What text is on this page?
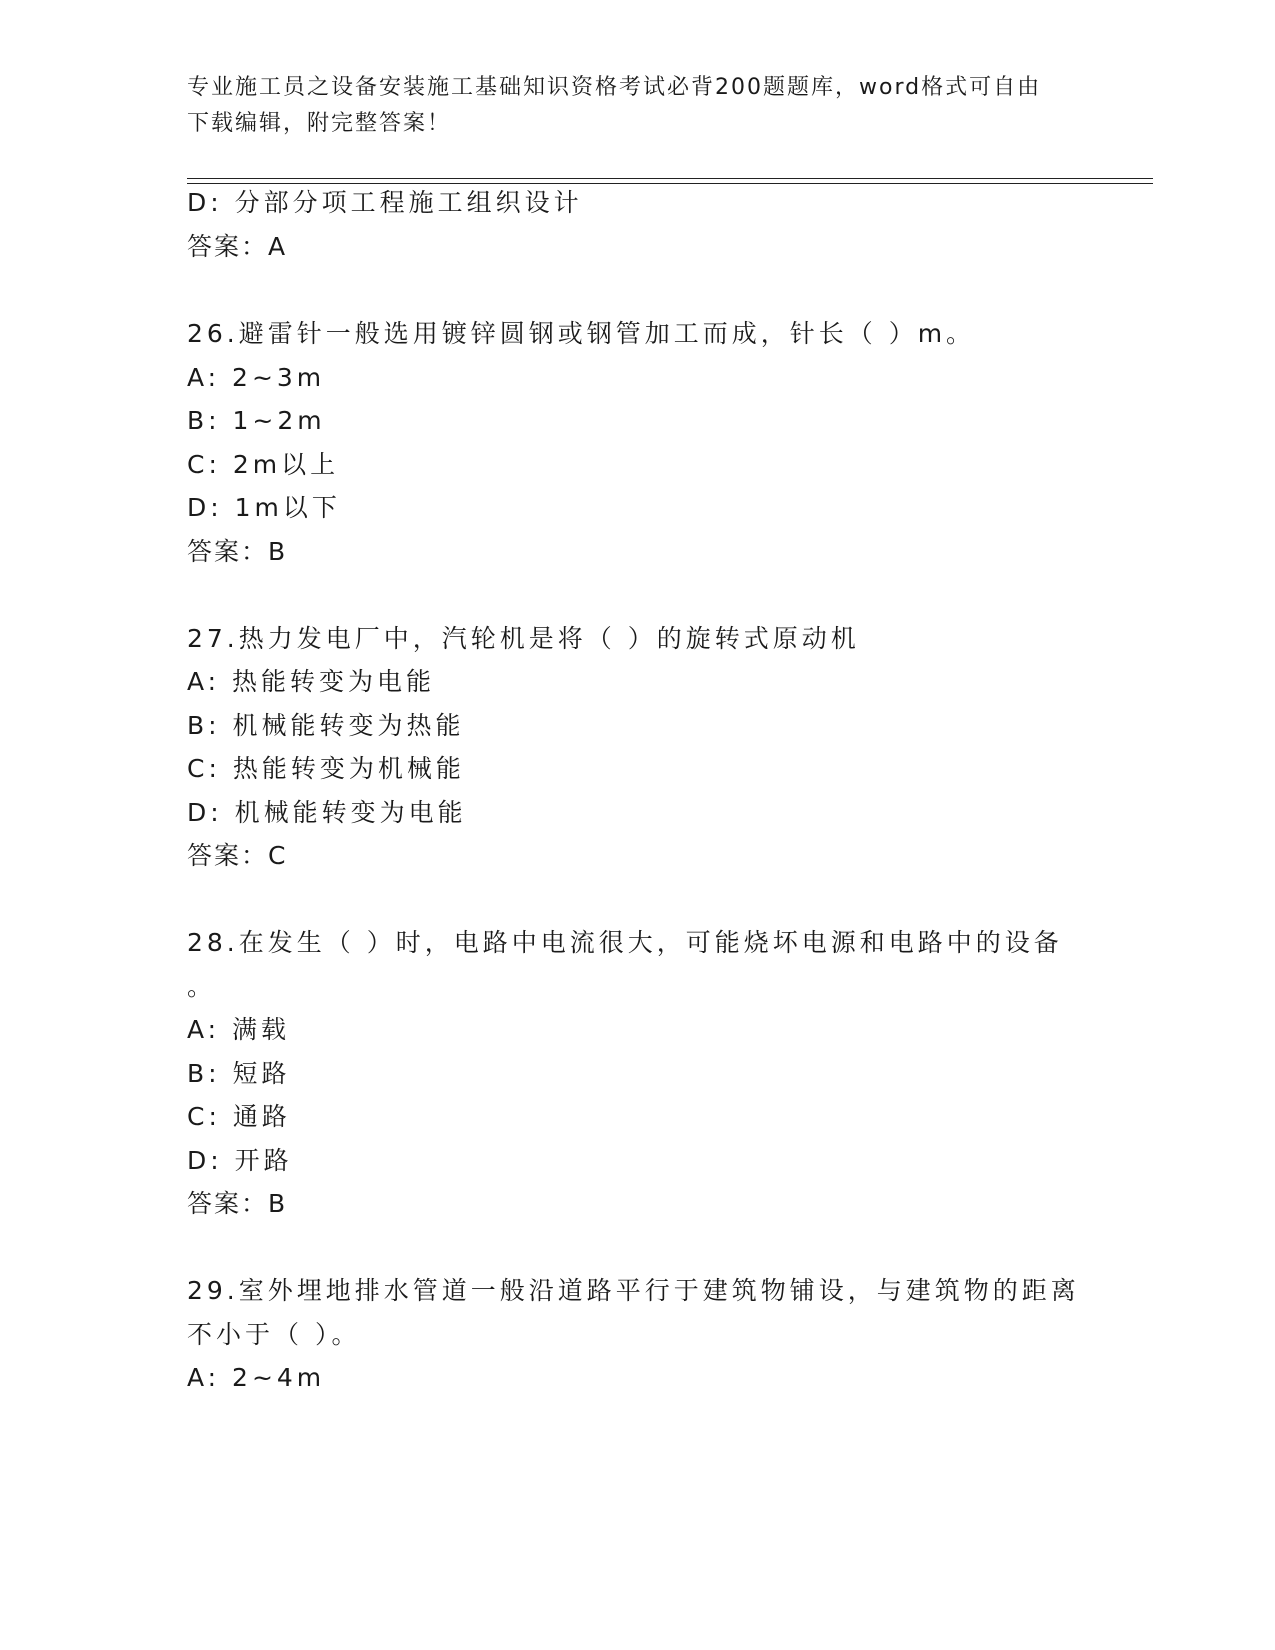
专业施工员之设备安装施工基础知识资格考试必背200题题库，word格式可自由
下载编辑，附完整答案！
D: 分部分项工程施工组织设计
答案：A
26.避雷针一般选用镀锌圆钢或钢管加工而成，针长（ ）m。
A: 2~3m
B: 1~2m
C: 2m以上
D: 1m以下
答案：B
27.热力发电厂中，汽轮机是将（ ）的旋转式原动机
A: 热能转变为电能
B: 机械能转变为热能
C: 热能转变为机械能
D: 机械能转变为电能
答案：C
28.在发生（ ）时，电路中电流很大，可能烧坏电源和电路中的设备
。
A: 满载
B: 短路
C: 通路
D: 开路
答案：B
29.室外埋地排水管道一般沿道路平行于建筑物铺设，与建筑物的距离
不小于（ ）。
A: 2~4m
